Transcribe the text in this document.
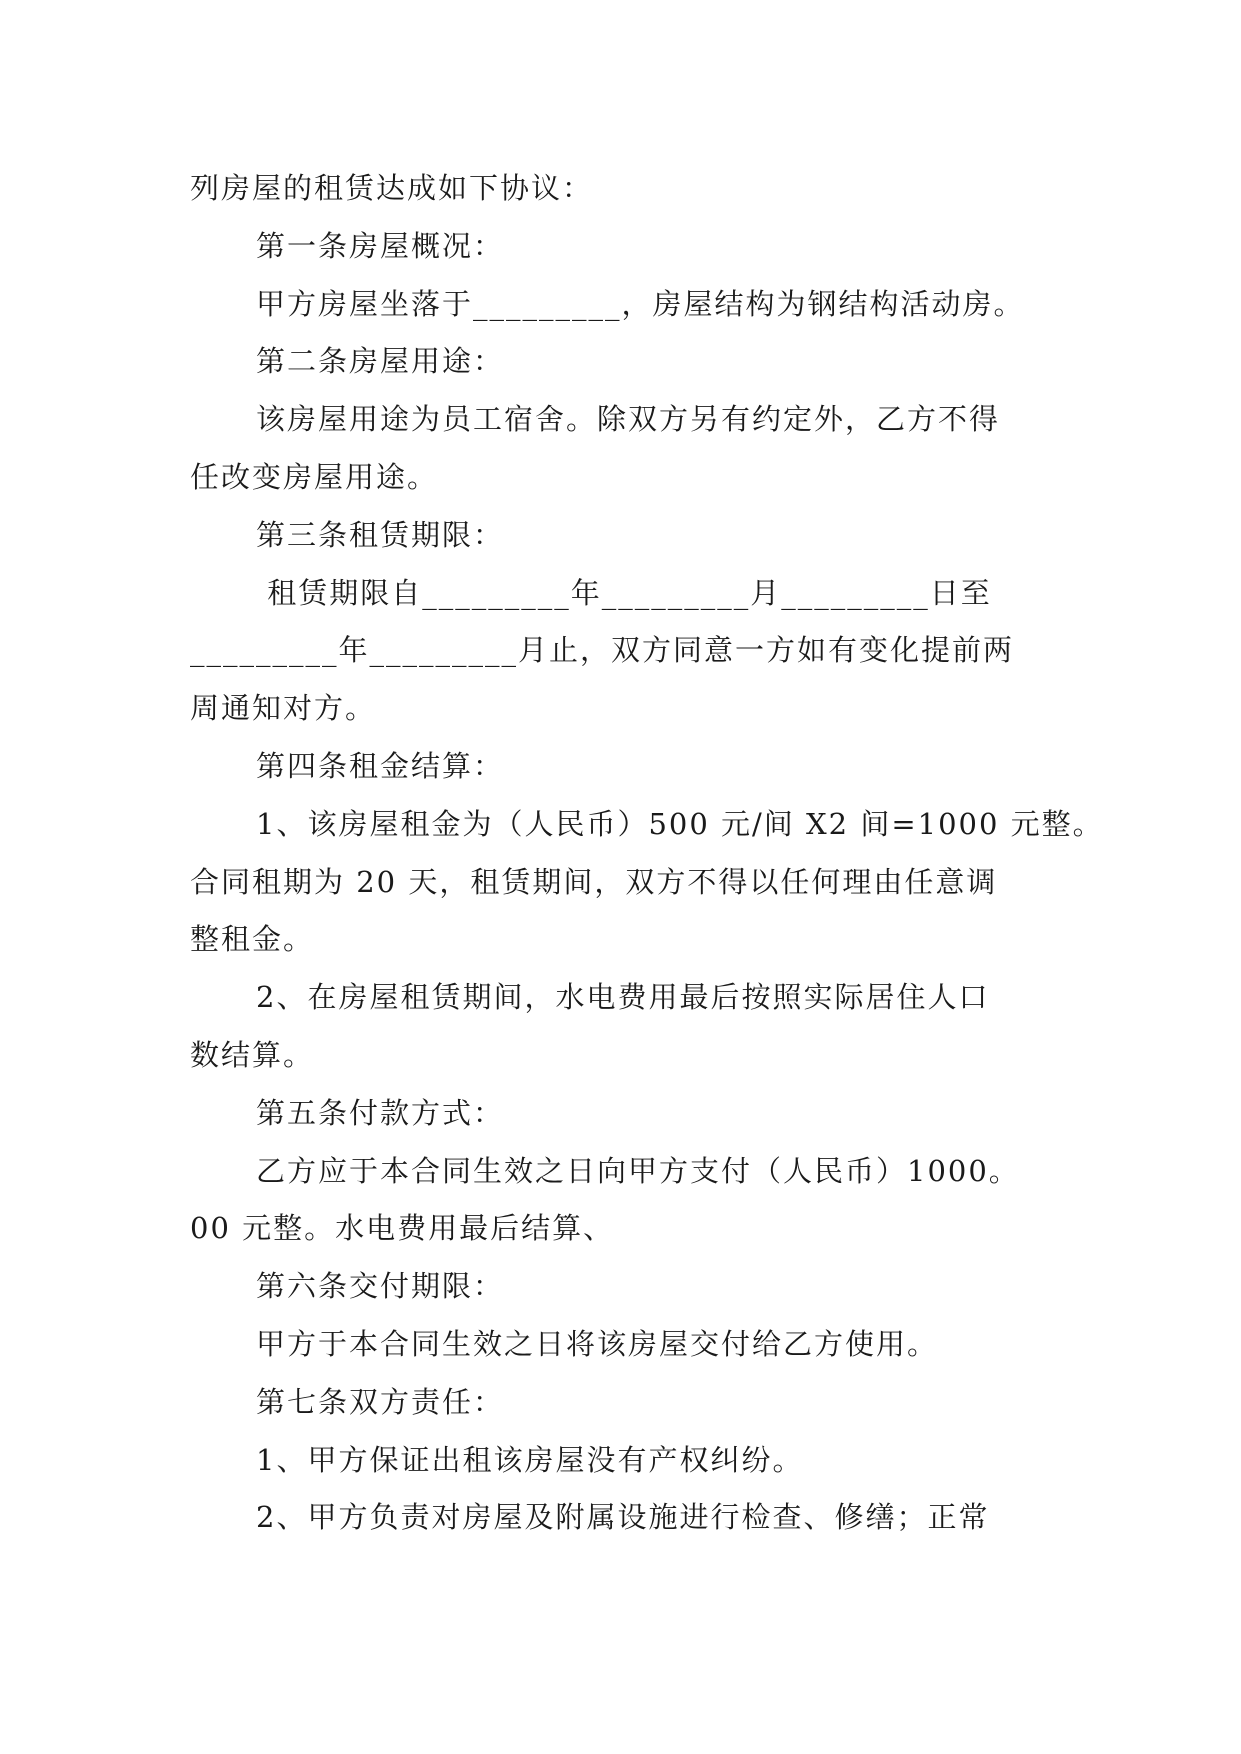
列房屋的租赁达成如下协议：
第一条房屋概况：
甲方房屋坐落于_________，房屋结构为钢结构活动房。
第二条房屋用途：
该房屋用途为员工宿舍。除双方另有约定外，乙方不得
任改变房屋用途。
第三条租赁期限：
租赁期限自_________年_________月_________日至
_________年_________月止，双方同意一方如有变化提前两
周通知对方。
第四条租金结算：
1、该房屋租金为（人民币）500 元/间 X2 间=1000 元整。
合同租期为 20 天，租赁期间，双方不得以任何理由任意调
整租金。
2、在房屋租赁期间，水电费用最后按照实际居住人口
数结算。
第五条付款方式：
乙方应于本合同生效之日向甲方支付（人民币）1000。
00 元整。水电费用最后结算、
第六条交付期限：
甲方于本合同生效之日将该房屋交付给乙方使用。
第七条双方责任：
1、甲方保证出租该房屋没有产权纠纷。
2、甲方负责对房屋及附属设施进行检查、修缮；正常
